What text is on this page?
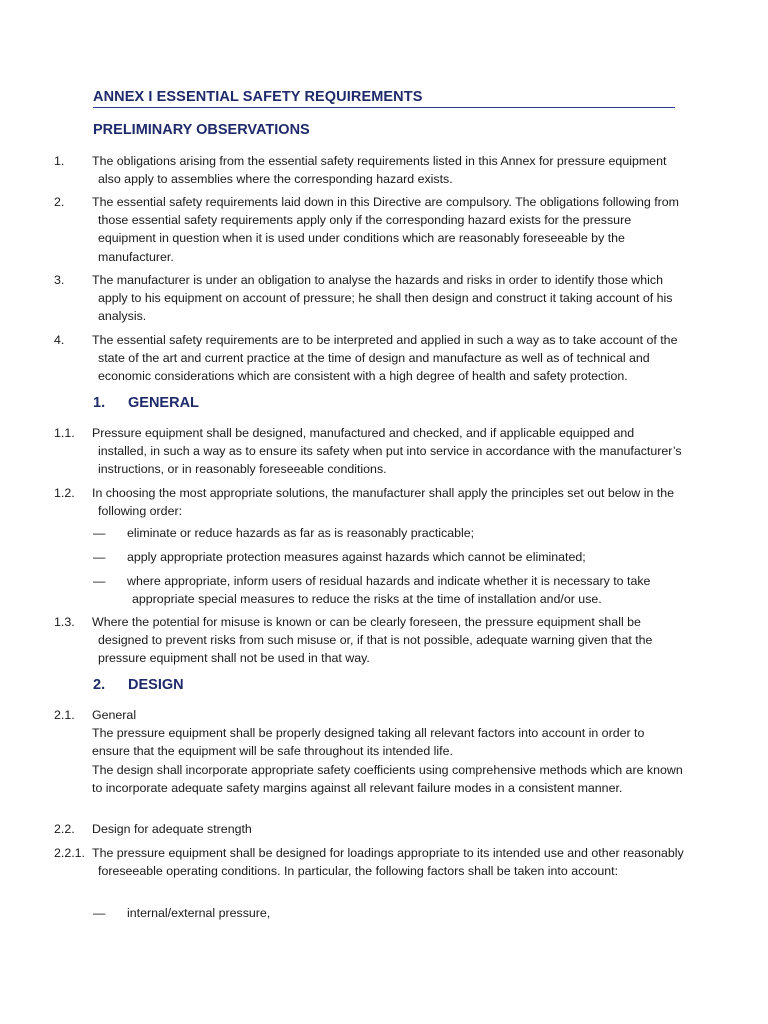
ANNEX I ESSENTIAL SAFETY REQUIREMENTS
PRELIMINARY OBSERVATIONS
1.	The obligations arising from the essential safety requirements listed in this Annex for pressure equipment also apply to assemblies where the corresponding hazard exists.
2.	The essential safety requirements laid down in this Directive are compulsory. The obligations following from those essential safety requirements apply only if the corresponding hazard exists for the pressure equipment in question when it is used under conditions which are reasonably foreseeable by the manufacturer.
3.	The manufacturer is under an obligation to analyse the hazards and risks in order to identify those which apply to his equipment on account of pressure; he shall then design and construct it taking account of his analysis.
4.	The essential safety requirements are to be interpreted and applied in such a way as to take account of the state of the art and current practice at the time of design and manufacture as well as of technical and economic considerations which are consistent with a high degree of health and safety protection.
1. GENERAL
1.1.	Pressure equipment shall be designed, manufactured and checked, and if applicable equipped and installed, in such a way as to ensure its safety when put into service in accordance with the manufacturer’s instructions, or in reasonably foreseeable conditions.
1.2.	In choosing the most appropriate solutions, the manufacturer shall apply the principles set out below in the following order:
—	eliminate or reduce hazards as far as is reasonably practicable;
—	apply appropriate protection measures against hazards which cannot be eliminated;
—	where appropriate, inform users of residual hazards and indicate whether it is necessary to take appropriate special measures to reduce the risks at the time of installation and/or use.
1.3.	Where the potential for misuse is known or can be clearly foreseen, the pressure equipment shall be designed to prevent risks from such misuse or, if that is not possible, adequate warning given that the pressure equipment shall not be used in that way.
2. DESIGN
2.1.	General
The pressure equipment shall be properly designed taking all relevant factors into account in order to ensure that the equipment will be safe throughout its intended life.
The design shall incorporate appropriate safety coefficients using comprehensive methods which are known to incorporate adequate safety margins against all relevant failure modes in a consistent manner.
2.2.	Design for adequate strength
2.2.1. The pressure equipment shall be designed for loadings appropriate to its intended use and other reasonably foreseeable operating conditions. In particular, the following factors shall be taken into account:
—	internal/external pressure,
